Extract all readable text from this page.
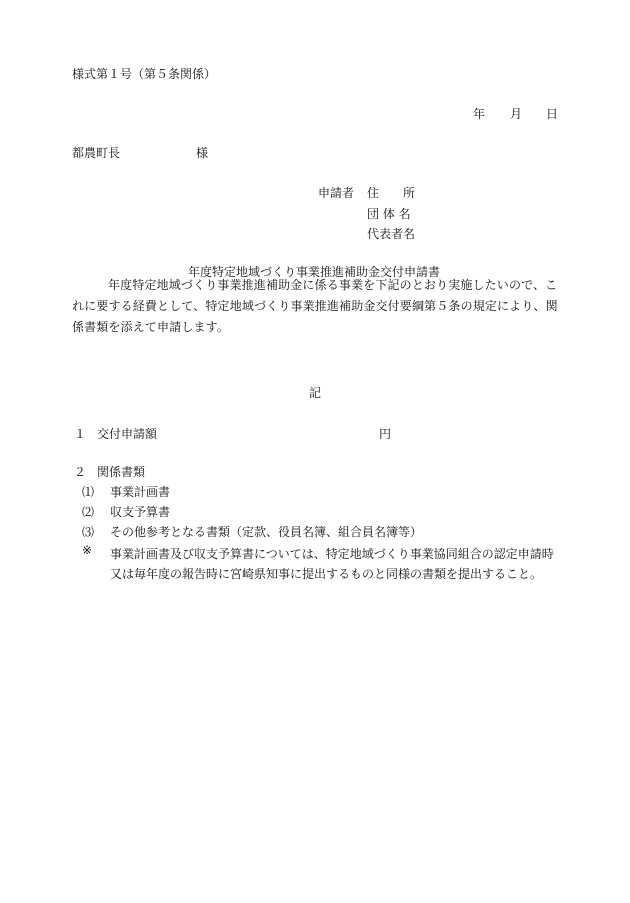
様式第１号（第５条関係）
年 月 日
都農町長	様
申請者 住　　所
団 体 名
代表者名
年度特定地域づくり事業推進補助金交付申請書
年度特定地域づくり事業推進補助金に係る事業を下記のとおり実施したいので、これに要する経費として、特定地域づくり事業推進補助金交付要綱第５条の規定により、関係書類を添えて申請します。
記
１ 交付申請額	円
２ 関係書類
⑴ 事業計画書
⑵ 収支予算書
⑶ その他参考となる書類（定款、役員名簿、組合員名簿等）
※ 事業計画書及び収支予算書については、特定地域づくり事業協同組合の認定申請時又は毎年度の報告時に宮崎県知事に提出するものと同様の書類を提出すること。
